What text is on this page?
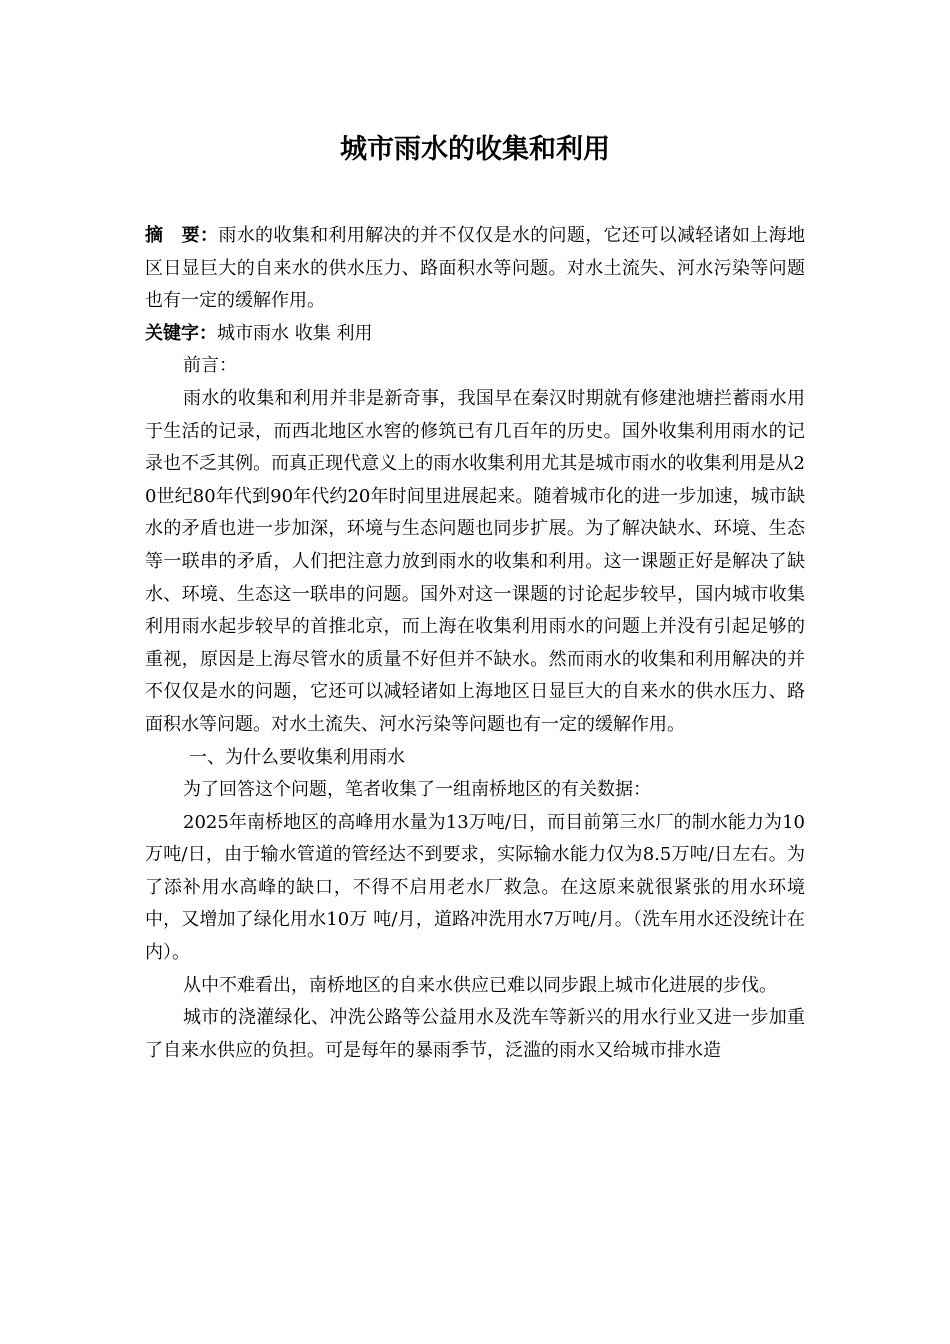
城市雨水的收集和利用

摘　要：雨水的收集和利用解决的并不仅仅是水的问题，它还可以减轻诸如上海地区日显巨大的自来水的供水压力、路面积水等问题。对水土流失、河水污染等问题也有一定的缓解作用。

关键字：城市雨水 收集 利用

前言：

雨水的收集和利用并非是新奇事，我国早在秦汉时期就有修建池塘拦蓄雨水用于生活的记录，而西北地区水窖的修筑已有几百年的历史。国外收集利用雨水的记录也不乏其例。而真正现代意义上的雨水收集利用尤其是城市雨水的收集利用是从20世纪80年代到90年代约20年时间里进展起来。随着城市化的进一步加速，城市缺水的矛盾也进一步加深，环境与生态问题也同步扩展。为了解决缺水、环境、生态等一联串的矛盾，人们把注意力放到雨水的收集和利用。这一课题正好是解决了缺水、环境、生态这一联串的问题。国外对这一课题的讨论起步较早，国内城市收集利用雨水起步较早的首推北京，而上海在收集利用雨水的问题上并没有引起足够的重视，原因是上海尽管水的质量不好但并不缺水。然而雨水的收集和利用解决的并不仅仅是水的问题，它还可以减轻诸如上海地区日显巨大的自来水的供水压力、路面积水等问题。对水土流失、河水污染等问题也有一定的缓解作用。

一、为什么要收集利用雨水

为了回答这个问题，笔者收集了一组南桥地区的有关数据：

2025年南桥地区的高峰用水量为13万吨/日，而目前第三水厂的制水能力为10万吨/日，由于输水管道的管经达不到要求，实际输水能力仅为8.5万吨/日左右。为了添补用水高峰的缺口，不得不启用老水厂救急。在这原来就很紧张的用水环境中，又增加了绿化用水10万 吨/月，道路冲洗用水7万吨/月。（洗车用水还没统计在内）。

从中不难看出，南桥地区的自来水供应已难以同步跟上城市化进展的步伐。

城市的浇灌绿化、冲洗公路等公益用水及洗车等新兴的用水行业又进一步加重了自来水供应的负担。可是每年的暴雨季节，泛滥的雨水又给城市排水造
